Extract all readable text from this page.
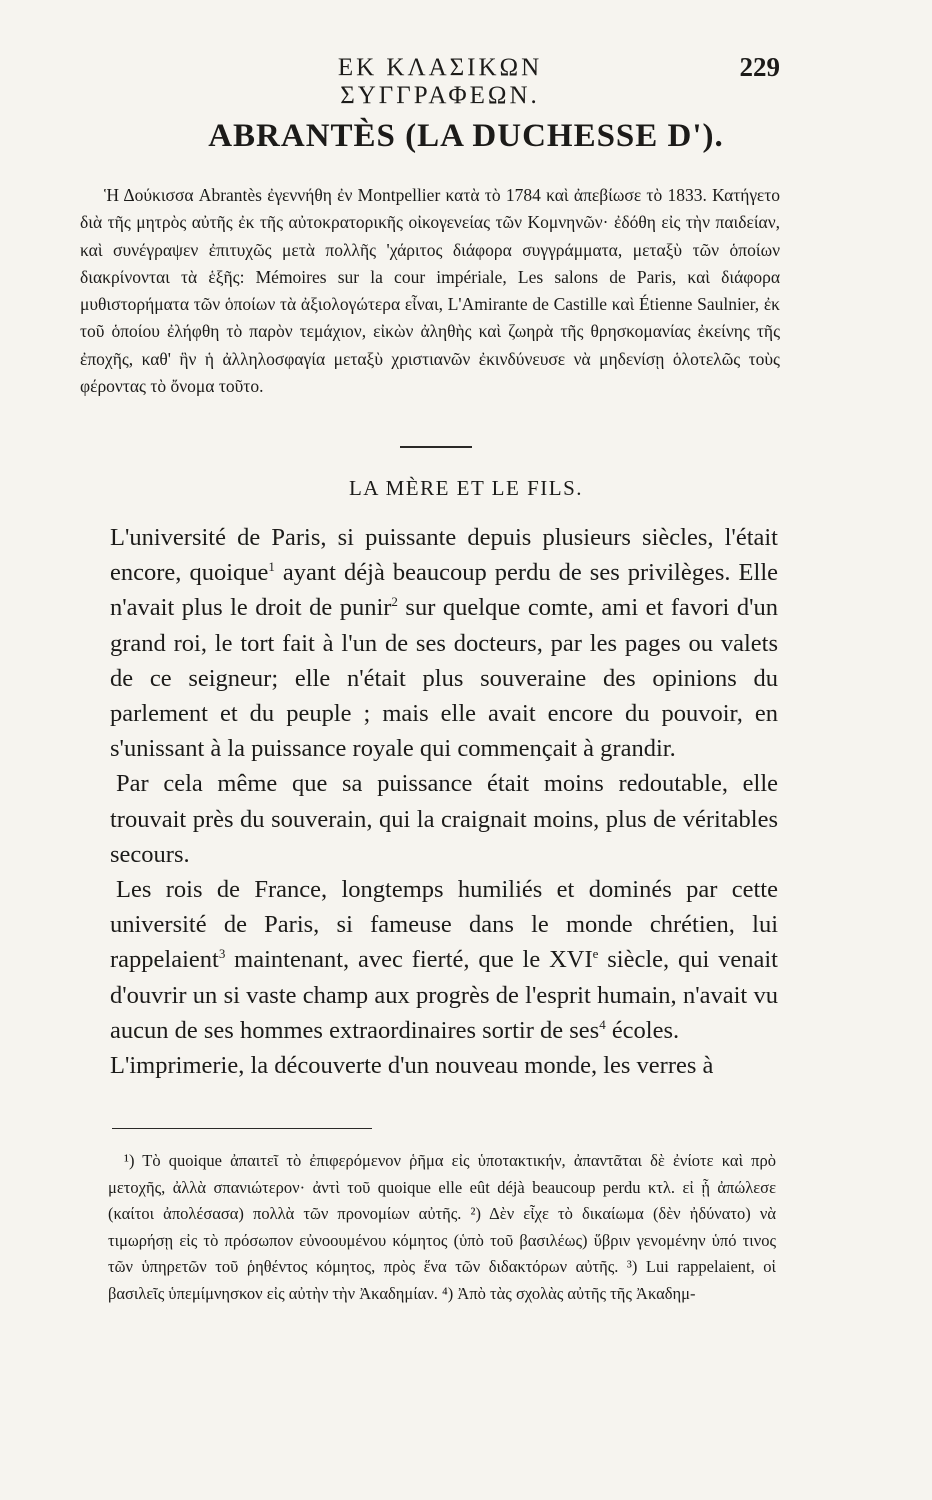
ΕΚ ΚΛΑΣΙΚΩΝ ΣΥΓΓΡΑΦΕΩΝ.
229
ABRANTÈS (LA DUCHESSE D').

Ἡ Δούκισσα Abrantès ἐγεννήθη ἐν Montpellier κατὰ τὸ 1784 καὶ ἀπεβίωσε τὸ 1833. Κατήγετο διὰ τῆς μητρὸς αὐτῆς ἐκ τῆς αὐτοκρατορικῆς οἰκογενείας τῶν Κομνηνῶν· ἐδόθη εἰς τὴν παιδείαν, καὶ συνέγραψεν ἐπιτυχῶς μετὰ πολλῆς 'χάριτος διάφορα συγγράμματα, μεταξὺ τῶν ὁποίων διακρίνονται τὰ ἑξῆς: Mémoires sur la cour impériale, Les salons de Paris, καὶ διάφορα μυθιστορήματα τῶν ὁποίων τὰ ἀξιολογώτερα εἶναι, L'Amirante de Castille καὶ Étienne Saulnier, ἐκ τοῦ ὁποίου ἐλήφθη τὸ παρὸν τεμάχιον, εἰκὼν ἀληθὴς καὶ ζωηρὰ τῆς θρησκομανίας ἐκείνης τῆς ἐποχῆς, καθ' ἣν ἡ ἀλληλοσφαγία μεταξὺ χριστιανῶν ἐκινδύνευσε νὰ μηδενίσῃ ὁλοτελῶς τοὺς φέροντας τὸ ὄνομα τοῦτο.

LA MÈRE ET LE FILS.

L'université de Paris, si puissante depuis plusieurs siècles, l'était encore, quoique$^1$ ayant déjà beaucoup perdu de ses privilèges. Elle n'avait plus le droit de punir$^2$ sur quelque comte, ami et favori d'un grand roi, le tort fait à l'un de ses docteurs, par les pages ou valets de ce seigneur; elle n'était plus souveraine des opinions du parlement et du peuple ; mais elle avait encore du pouvoir, en s'unissant à la puissance royale qui commençait à grandir.

Par cela même que sa puissance était moins redoutable, elle trouvait près du souverain, qui la craignait moins, plus de véritables secours.

Les rois de France, longtemps humiliés et dominés par cette université de Paris, si fameuse dans le monde chrétien, lui rappelaient$^3$ maintenant, avec fierté, que le XVIe siècle, qui venait d'ouvrir un si vaste champ aux progrès de l'esprit humain, n'avait vu aucun de ses hommes extraordinaires sortir de ses$^4$ écoles.

L'imprimerie, la découverte d'un nouveau monde, les verres à

¹) Τὸ quoique ἀπαιτεῖ τὸ ἐπιφερόμενον ῥῆμα εἰς ὑποτακτικήν, ἀπαντᾶται δὲ ἐνίοτε καὶ πρὸ μετοχῆς, ἀλλὰ σπανιώτερον· ἀντὶ τοῦ quoique elle eût déjà beaucoup perdu κτλ. εἰ ᾗ ἀπώλεσε (καίτοι ἀπολέσασα) πολλὰ τῶν προνομίων αὐτῆς. ²) Δὲν εἶχε τὸ δικαίωμα (δὲν ἠδύνατο) νὰ τιμωρήσῃ εἰς τὸ πρόσωπον εὐνοουμένου κόμητος (ὑπὸ τοῦ βασιλέως) ὕβριν γενομένην ὑπό τινος τῶν ὑπηρετῶν τοῦ ῥηθέντος κόμητος, πρὸς ἕνα τῶν διδακτόρων αὐτῆς. ³) Lui rappelaient, οἱ βασιλεῖς ὑπεμίμνησκον εἰς αὐτὴν τὴν Ἀκαδημίαν. ⁴) Ἀπὸ τὰς σχολὰς αὐτῆς τῆς Ἀκαδημ-
